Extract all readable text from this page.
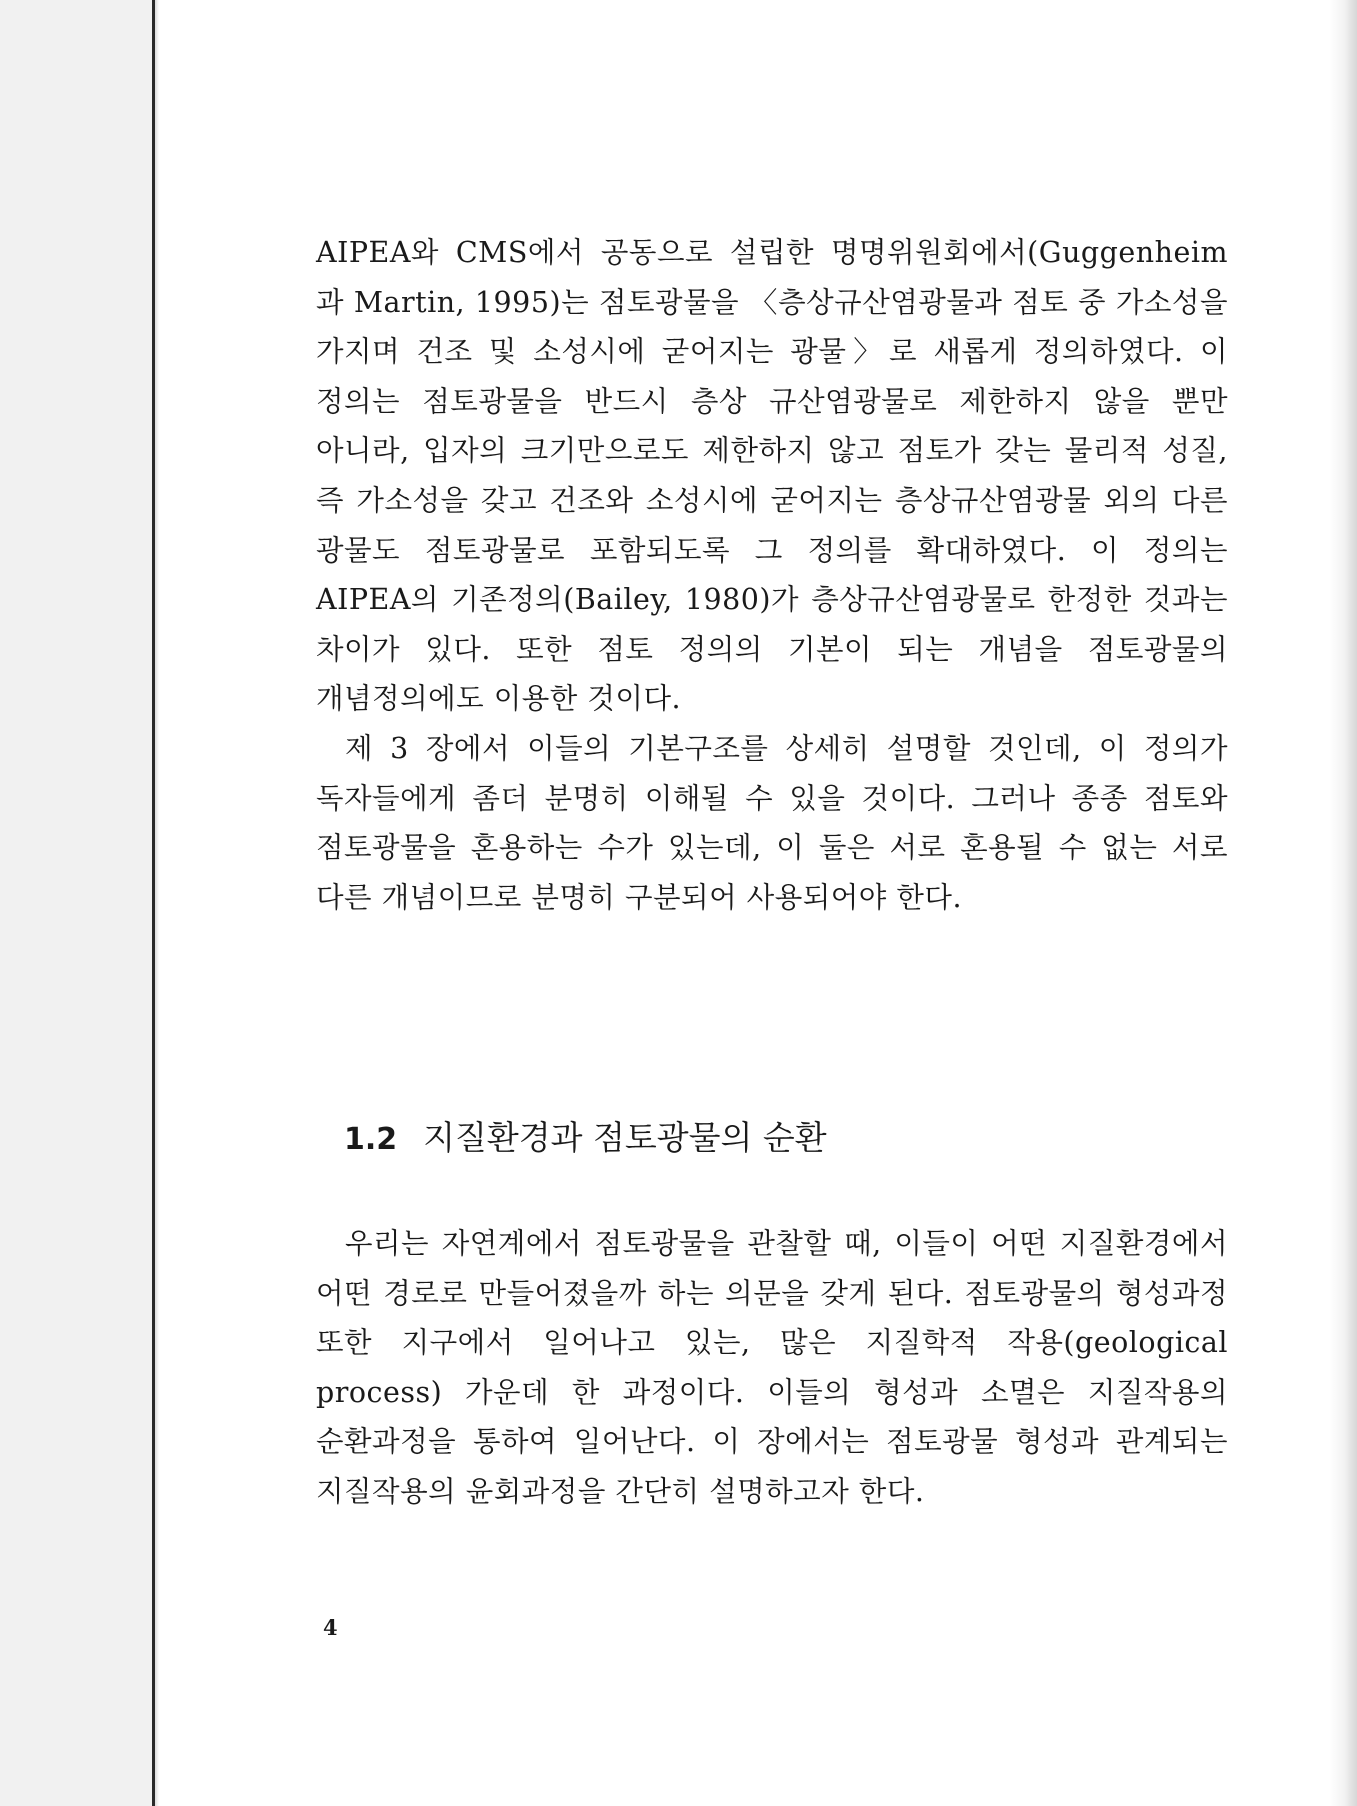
AIPEA와 CMS에서 공동으로 설립한 명명위원회에서(Guggenheim 과 Martin, 1995)는 점토광물을 〈층상규산염광물과 점토 중 가소성을 가지며 건조 및 소성시에 굳어지는 광물〉로 새롭게 정의하였다. 이 정의는 점토광물을 반드시 층상 규산염광물로 제한하지 않을 뿐만 아니라, 입자의 크기만으로도 제한하지 않고 점토가 갖는 물리적 성질, 즉 가소성을 갖고 건조와 소성시에 굳어지는 층상규산염광물 외의 다른 광물도 점토광물로 포함되도록 그 정의를 확대하였다. 이 정의는 AIPEA의 기존정의(Bailey, 1980)가 층상규산염광물로 한정한 것과는 차이가 있다. 또한 점토 정의의 기본이 되는 개념을 점토광물의 개념정의에도 이용한 것이다.

제 3 장에서 이들의 기본구조를 상세히 설명할 것인데, 이 정의가 독자들에게 좀더 분명히 이해될 수 있을 것이다. 그러나 종종 점토와 점토광물을 혼용하는 수가 있는데, 이 둘은 서로 혼용될 수 없는 서로 다른 개념이므로 분명히 구분되어 사용되어야 한다.

1.2 지질환경과 점토광물의 순환

우리는 자연계에서 점토광물을 관찰할 때, 이들이 어떤 지질환경에서 어떤 경로로 만들어졌을까 하는 의문을 갖게 된다. 점토광물의 형성과정 또한 지구에서 일어나고 있는, 많은 지질학적 작용(geological process) 가운데 한 과정이다. 이들의 형성과 소멸은 지질작용의 순환과정을 통하여 일어난다. 이 장에서는 점토광물 형성과 관계되는 지질작용의 윤회과정을 간단히 설명하고자 한다.

4
